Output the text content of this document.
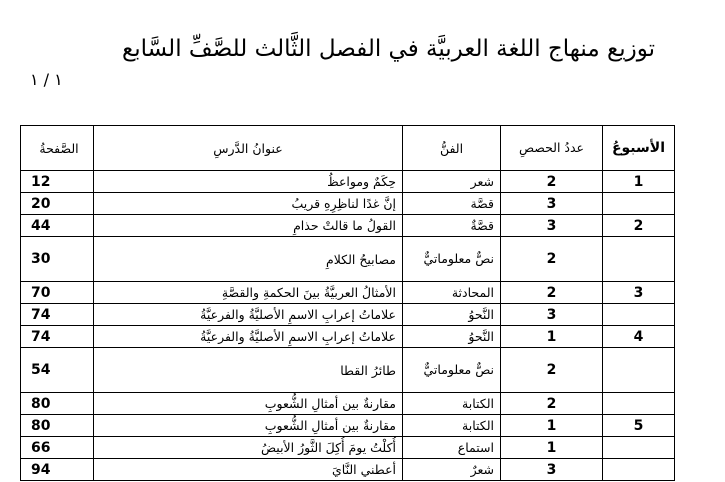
توزيع منهاج اللغة العربيَّة في الفصل الثَّالث للصَّفِّ السَّابع
١ / ١
الأسبوعُ	عددُ الحصصِ	الفنُّ	عنوانُ الدَّرسِ	الصَّفحةُ
1	2	شعر	حِكَمٌ ومواعظُ	12
	3	قصَّة	إنَّ غدًا لناظِرِهِ قريبُ	20
2	3	قصَّةٌ	القولُ ما قالتْ حذامِ	44
	2	نصٌّ معلوماتيٌّ	مصابيحُ الكلامِ	30
3	2	المحادثة	الأمثالُ العربيَّةُ بينَ الحكمةِ والقصَّةِ	70
	3	النَّحوُ	علاماتُ إعرابِ الاسمِ الأصليَّةُ والفرعيَّةُ	74
4	1	النَّحوُ	علاماتُ إعرابِ الاسمِ الأصليَّةُ والفرعيَّةُ	74
	2	نصٌّ معلوماتيٌّ	طائرُ القطا	54
	2	الكتابة	مقارنةٌ بين أمثالِ الشُّعوبِ	80
5	1	الكتابة	مقارنةٌ بين أمثالِ الشُّعوبِ	80
	1	استماع	أُكلْتُ يومَ أُكِلَ الثَّورُ الأبيضُ	66
	3	شعرٌ	أعطني النَّايَ	94
